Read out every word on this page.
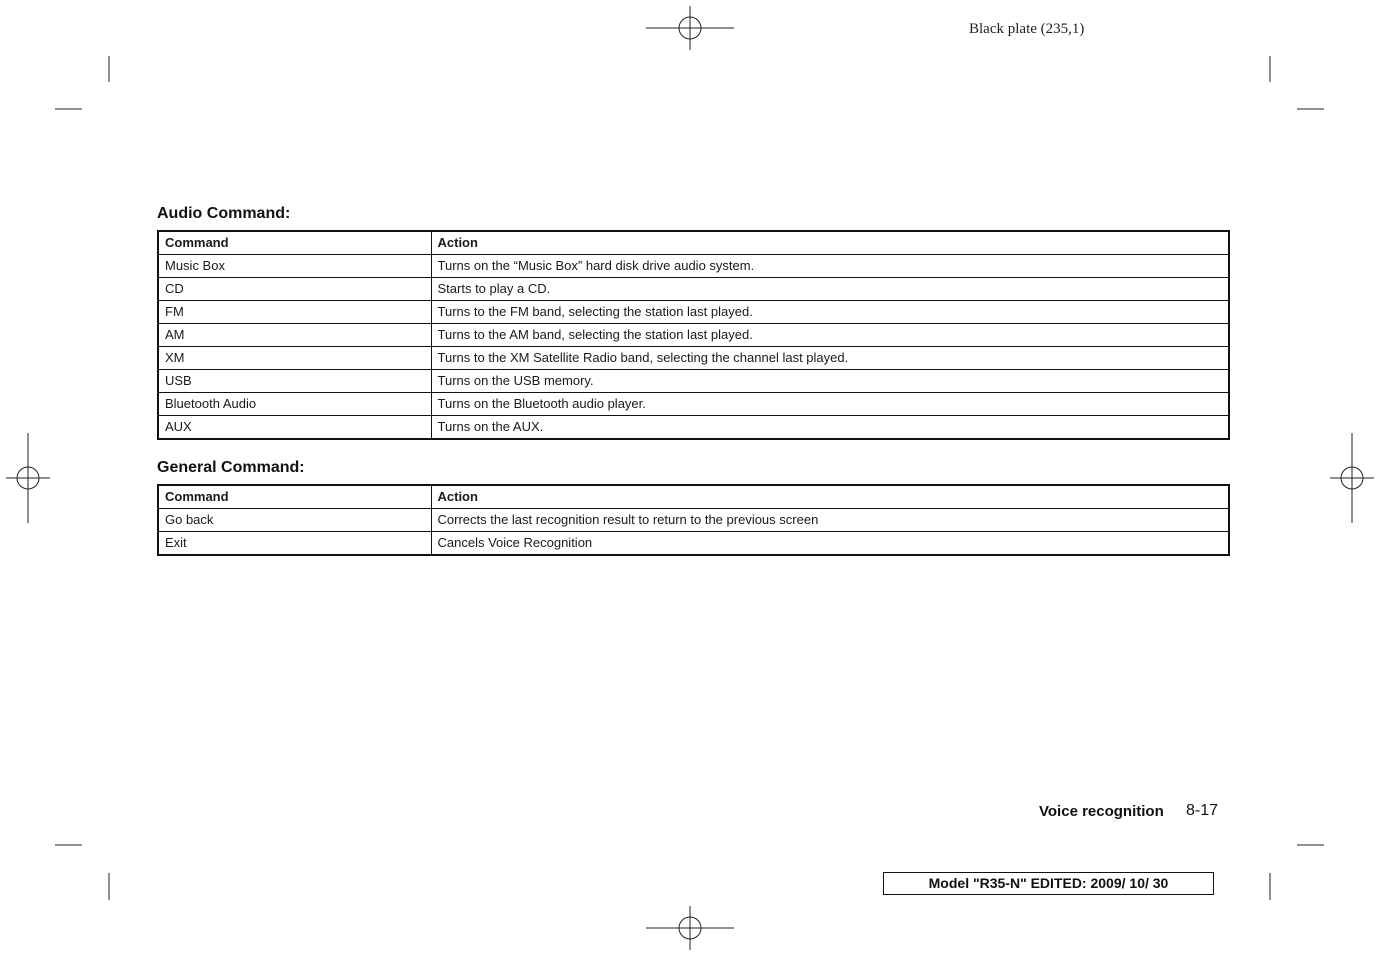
Black plate (235,1)
Audio Command:
Command	Action
Music Box	Turns on the “Music Box” hard disk drive audio system.
CD	Starts to play a CD.
FM	Turns to the FM band, selecting the station last played.
AM	Turns to the AM band, selecting the station last played.
XM	Turns to the XM Satellite Radio band, selecting the channel last played.
USB	Turns on the USB memory.
Bluetooth Audio	Turns on the Bluetooth audio player.
AUX	Turns on the AUX.
General Command:
Command	Action
Go back	Corrects the last recognition result to return to the previous screen
Exit	Cancels Voice Recognition
Voice recognition 8-17
Model "R35-N" EDITED: 2009/ 10/ 30
